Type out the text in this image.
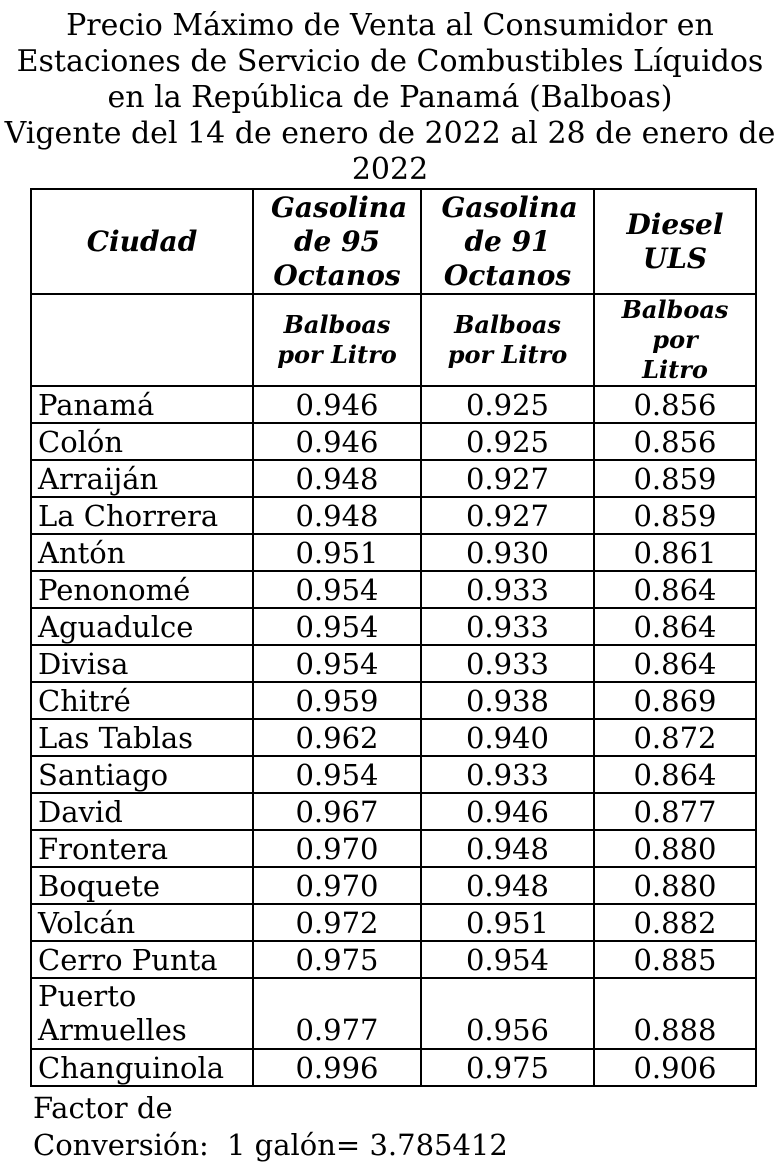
Precio Máximo de Venta al Consumidor en
Estaciones de Servicio de Combustibles Líquidos
en la República de Panamá (Balboas)
Vigente del 14 de enero de 2022 al 28 de enero de
2022
Ciudad	Gasolina de 95 Octanos	Gasolina de 91 Octanos	Diesel ULS
	Balboas por Litro	Balboas por Litro	Balboas por Litro
Panamá	0.946	0.925	0.856
Colón	0.946	0.925	0.856
Arraiján	0.948	0.927	0.859
La Chorrera	0.948	0.927	0.859
Antón	0.951	0.930	0.861
Penonomé	0.954	0.933	0.864
Aguadulce	0.954	0.933	0.864
Divisa	0.954	0.933	0.864
Chitré	0.959	0.938	0.869
Las Tablas	0.962	0.940	0.872
Santiago	0.954	0.933	0.864
David	0.967	0.946	0.877
Frontera	0.970	0.948	0.880
Boquete	0.970	0.948	0.880
Volcán	0.972	0.951	0.882
Cerro Punta	0.975	0.954	0.885
Puerto Armuelles	0.977	0.956	0.888
Changuinola	0.996	0.975	0.906
Factor de Conversión: 1 galón= 3.785412
